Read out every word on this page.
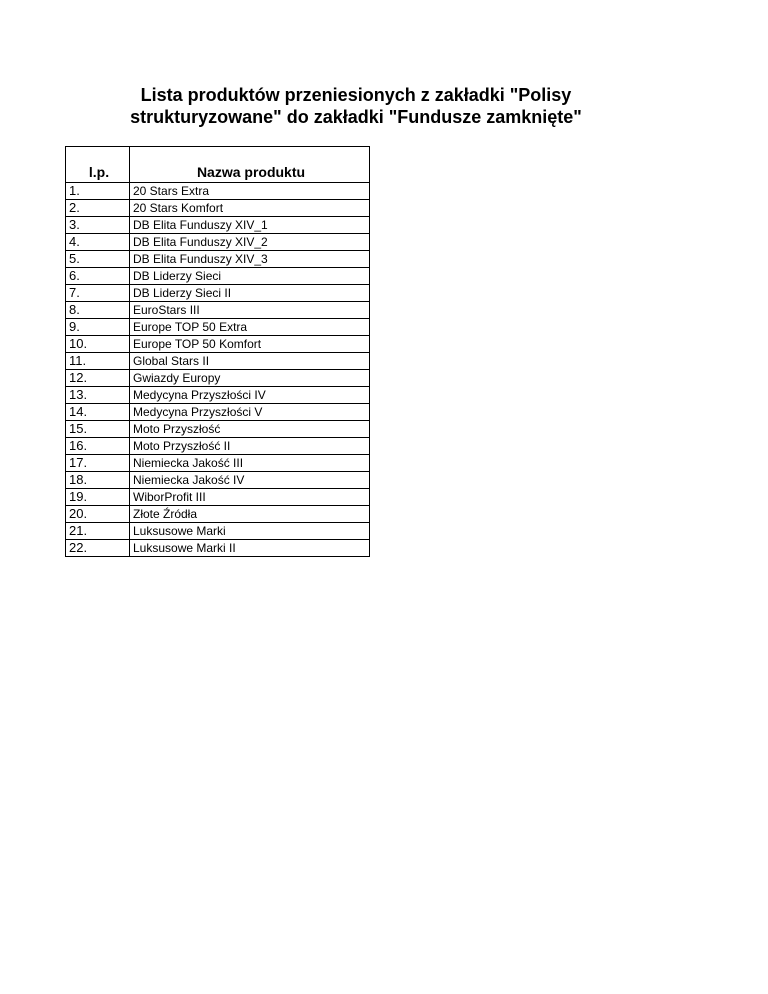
Lista produktów przeniesionych z zakładki "Polisy
strukturyzowane" do zakładki "Fundusze zamknięte"
l.p.	Nazwa produktu
1.	20 Stars Extra
2.	20 Stars Komfort
3.	DB Elita Funduszy XIV_1
4.	DB Elita Funduszy XIV_2
5.	DB Elita Funduszy XIV_3
6.	DB Liderzy Sieci
7.	DB Liderzy Sieci II
8.	EuroStars III
9.	Europe TOP 50 Extra
10.	Europe TOP 50 Komfort
11.	Global Stars II
12.	Gwiazdy Europy
13.	Medycyna Przyszłości IV
14.	Medycyna Przyszłości V
15.	Moto Przyszłość
16.	Moto Przyszłość II
17.	Niemiecka Jakość III
18.	Niemiecka Jakość IV
19.	WiborProfit III
20.	Złote Źródła
21.	Luksusowe Marki
22.	Luksusowe Marki II
